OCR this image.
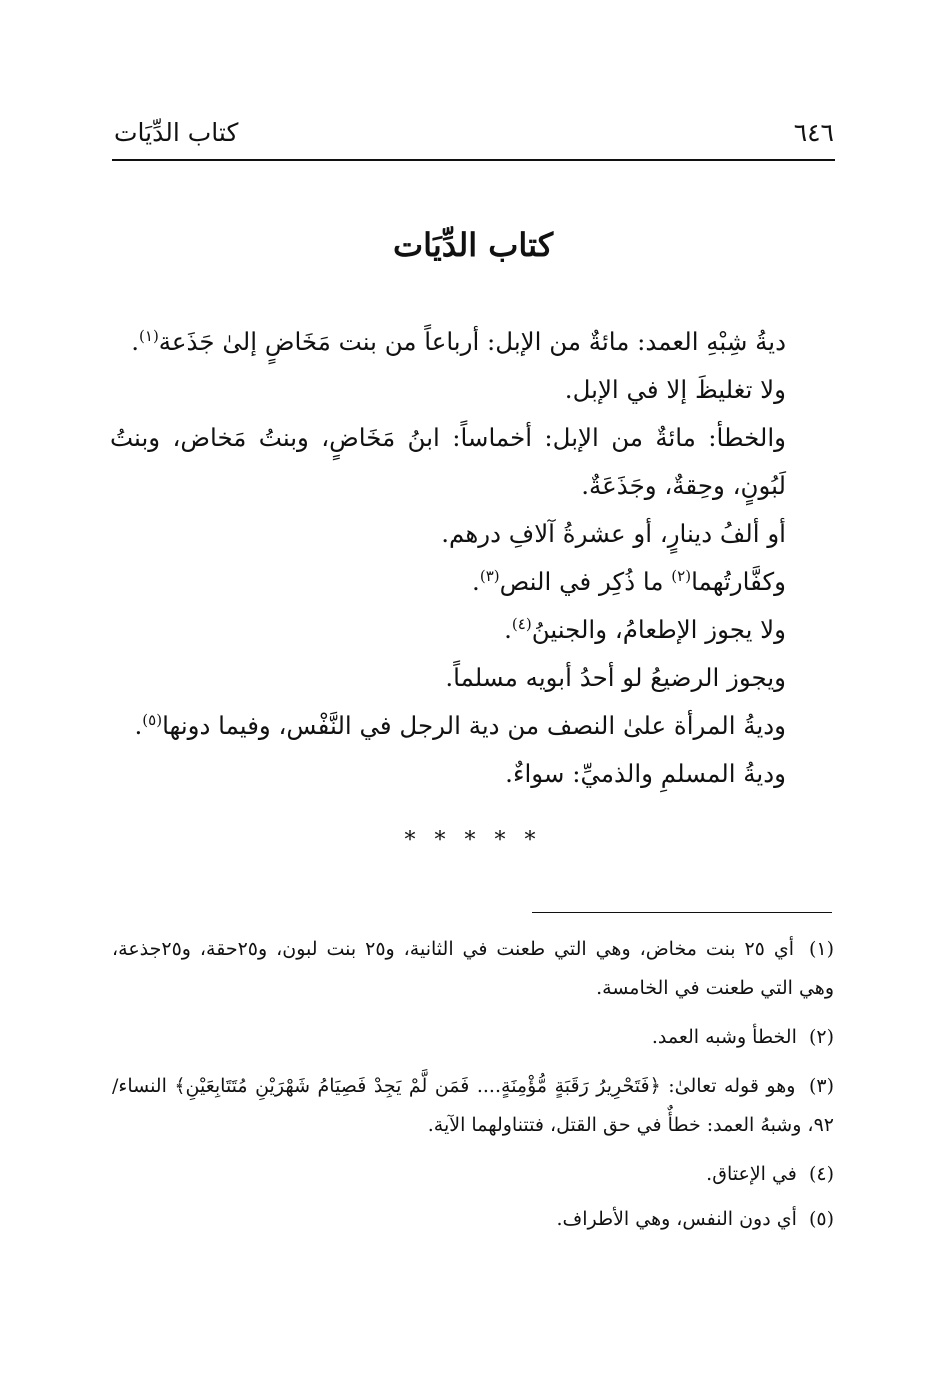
٦٤٦
كتاب الدِّيَات
كتاب الدِّيَات

ديةُ شِبْهِ العمد: مائةٌ من الإبل: أرباعاً من بنت مَخَاضٍ إلىٰ جَذَعة$^{(١)}$.

ولا تغليظَ إلا في الإبل.

والخطأ: مائةٌ من الإبل: أخماساً: ابنُ مَخَاضٍ، وبنتُ مَخاض، وبنتُ لَبُونٍ، وحِقةٌ، وجَذَعَةٌ.

أو ألفُ دينارٍ، أو عشرةُ آلافِ درهم.

وكفَّارتُهما$^{(٢)}$ ما ذُكِر في النص$^{(٣)}$.

ولا يجوز الإطعامُ، والجنينُ$^{(٤)}$.

ويجوز الرضيعُ لو أحدُ أبويه مسلماً.

وديةُ المرأة علىٰ النصف من دية الرجل في النَّفْس، وفيما دونها$^{(٥)}$.

وديةُ المسلمِ والذميِّ: سواءٌ.

* * * * *

(١) أي ٢٥ بنت مخاض، وهي التي طعنت في الثانية، و٢٥ بنت لبون، و٢٥حقة، و٢٥جذعة، وهي التي طعنت في الخامسة.

(٢) الخطأ وشبه العمد.

(٣) وهو قوله تعالىٰ: ﴿فَتَحْرِيرُ رَقَبَةٍ مُّؤْمِنَةٍ.... فَمَن لَّمْ يَجِدْ فَصِيَامُ شَهْرَيْنِ مُتَتَابِعَيْنِ﴾ النساء/٩٢، وشبهُ العمد: خطأٌ في حق القتل، فتتناولهما الآية.

(٤) في الإعتاق.

(٥) أي دون النفس، وهي الأطراف.
